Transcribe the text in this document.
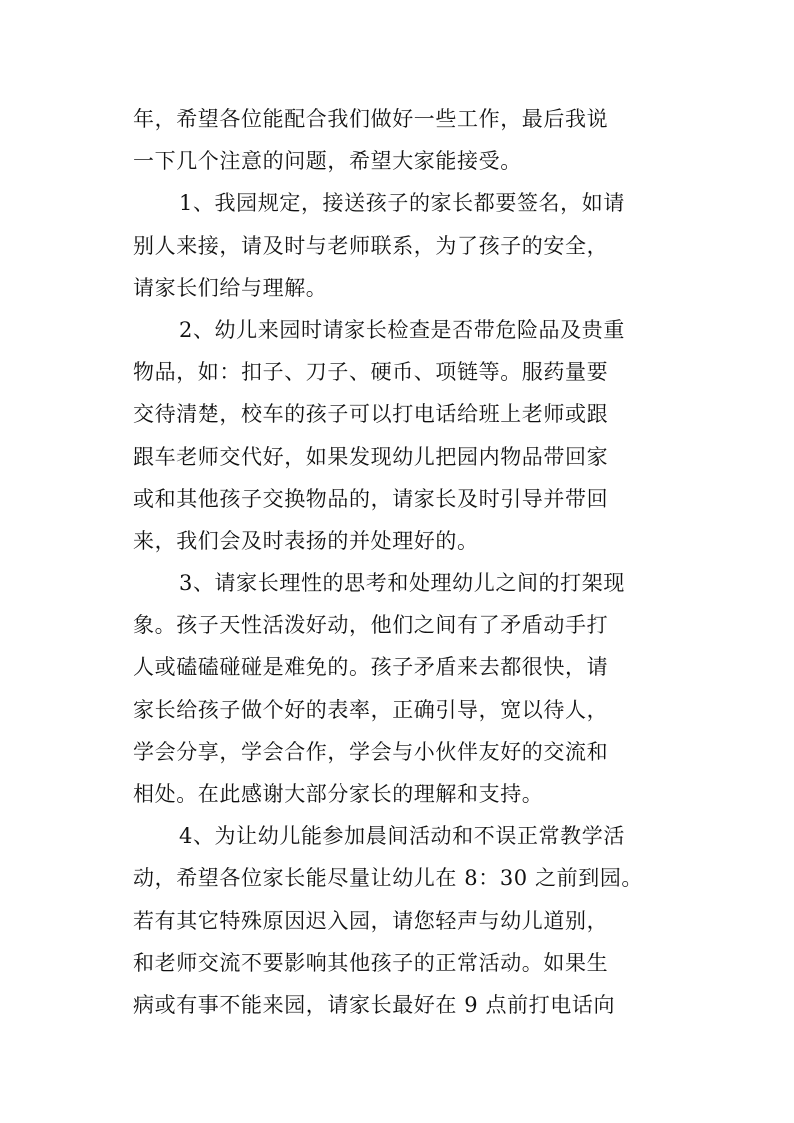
年，希望各位能配合我们做好一些工作，最后我说
一下几个注意的问题，希望大家能接受。
1、我园规定，接送孩子的家长都要签名，如请
别人来接，请及时与老师联系，为了孩子的安全，
请家长们给与理解。
2、幼儿来园时请家长检查是否带危险品及贵重
物品，如：扣子、刀子、硬币、项链等。服药量要
交待清楚，校车的孩子可以打电话给班上老师或跟
跟车老师交代好，如果发现幼儿把园内物品带回家
或和其他孩子交换物品的，请家长及时引导并带回
来，我们会及时表扬的并处理好的。
3、请家长理性的思考和处理幼儿之间的打架现
象。孩子天性活泼好动，他们之间有了矛盾动手打
人或磕磕碰碰是难免的。孩子矛盾来去都很快，请
家长给孩子做个好的表率，正确引导，宽以待人，
学会分享，学会合作，学会与小伙伴友好的交流和
相处。在此感谢大部分家长的理解和支持。
4、为让幼儿能参加晨间活动和不误正常教学活
动，希望各位家长能尽量让幼儿在 8：30 之前到园。
若有其它特殊原因迟入园，请您轻声与幼儿道别，
和老师交流不要影响其他孩子的正常活动。如果生
病或有事不能来园，请家长最好在 9 点前打电话向
